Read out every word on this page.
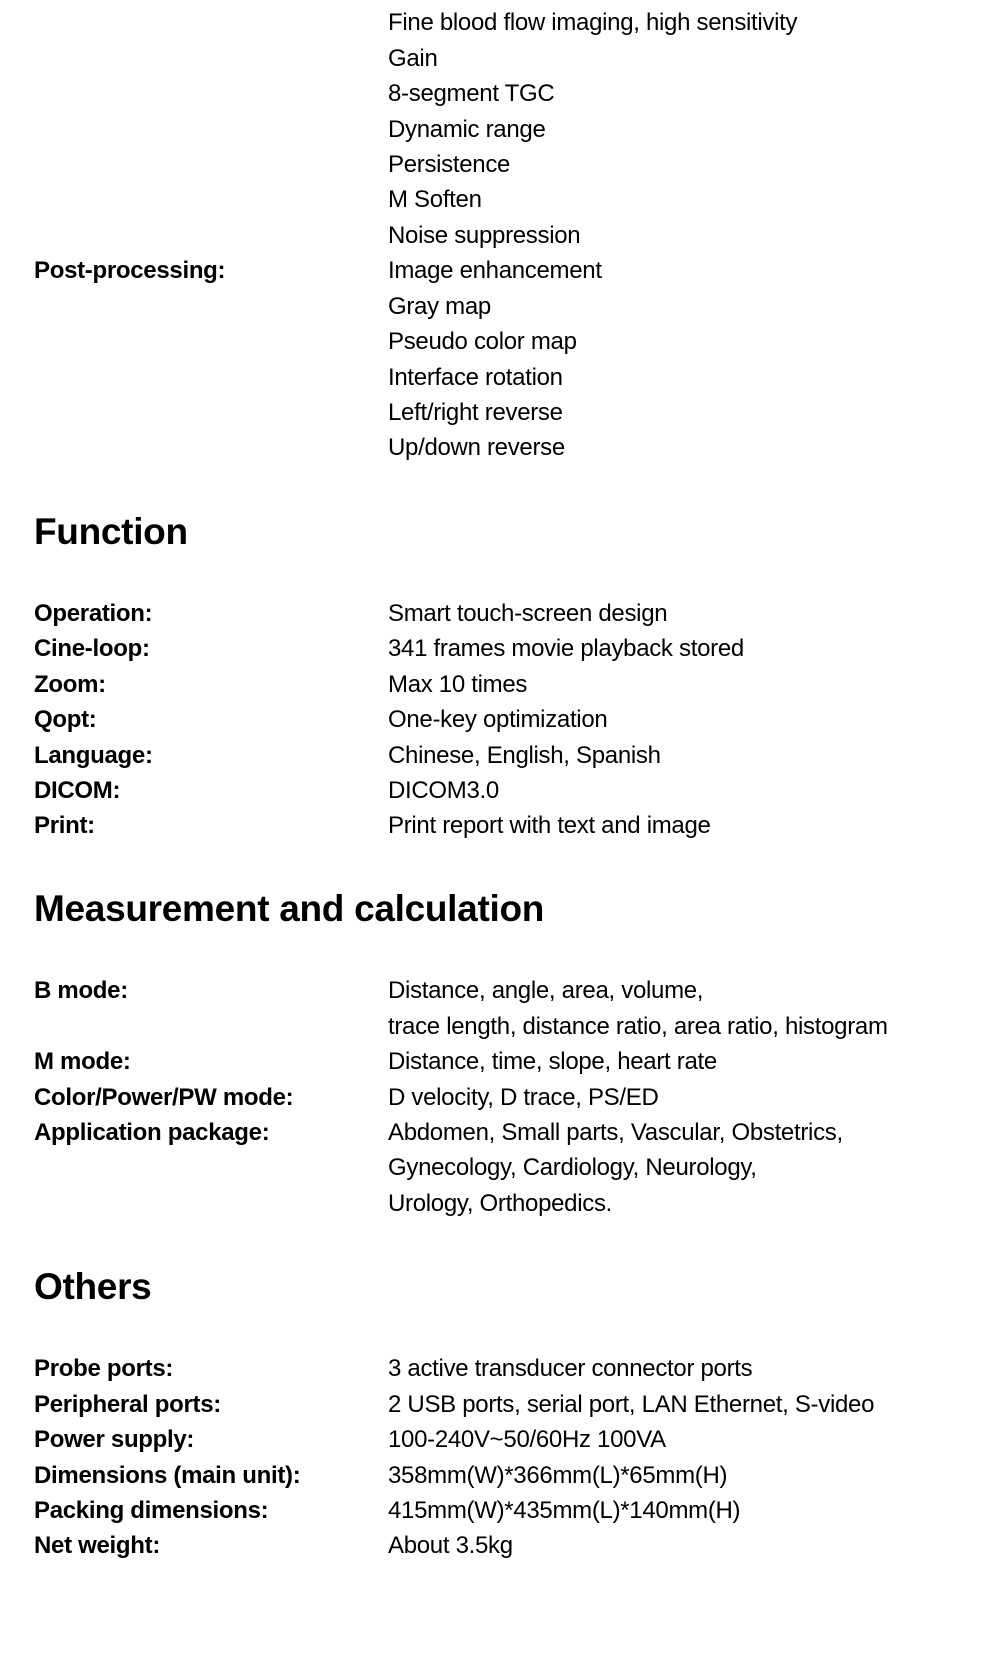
Fine blood flow imaging, high sensitivity
Gain
8-segment TGC
Dynamic range
Persistence
M Soften
Noise suppression
Post-processing:	Image enhancement
Gray map
Pseudo color map
Interface rotation
Left/right reverse
Up/down reverse
Function
Operation:	Smart touch-screen design
Cine-loop:	341 frames movie playback stored
Zoom:	Max 10 times
Qopt:	One-key optimization
Language:	Chinese, English, Spanish
DICOM:	DICOM3.0
Print:	Print report with text and image
Measurement and calculation
B mode:	Distance, angle, area, volume,
trace length, distance ratio, area ratio, histogram
M mode:	Distance, time, slope, heart rate
Color/Power/PW mode:	D velocity, D trace, PS/ED
Application package:	Abdomen, Small parts, Vascular, Obstetrics,
Gynecology, Cardiology, Neurology,
Urology, Orthopedics.
Others
Probe ports:	3 active transducer connector ports
Peripheral ports:	2 USB ports, serial port, LAN Ethernet, S-video
Power supply:	100-240V~50/60Hz 100VA
Dimensions (main unit):	358mm(W)*366mm(L)*65mm(H)
Packing dimensions:	415mm(W)*435mm(L)*140mm(H)
Net weight:	About 3.5kg
